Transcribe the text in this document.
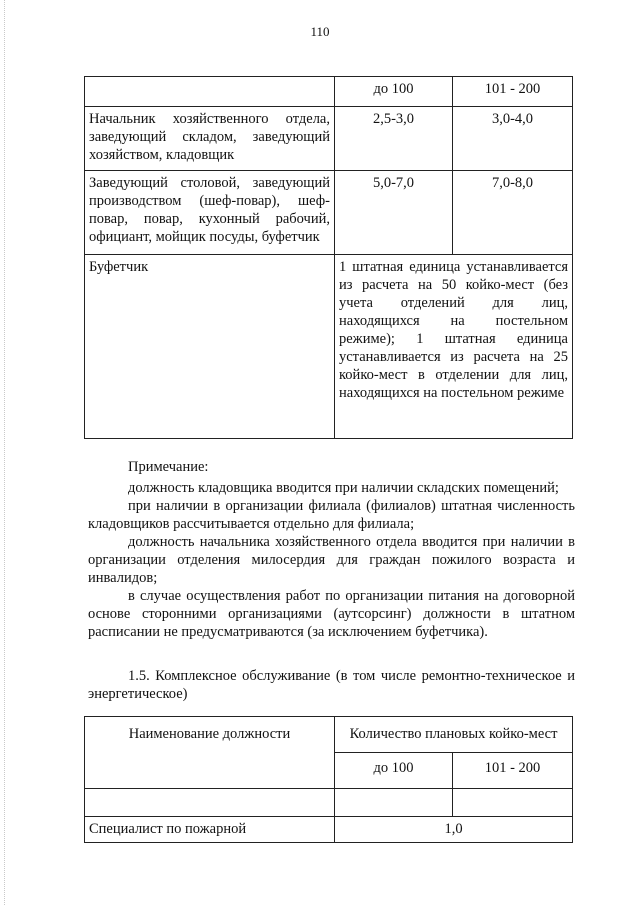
110
	до 100	101 - 200
Начальник хозяйственного отдела, заведующий складом, заведующий хозяйством, кладовщик	2,5-3,0	3,0-4,0
Заведующий столовой, заведующий производством (шеф-повар), шеф-повар, повар, кухонный рабочий, официант, мойщик посуды, буфетчик	5,0-7,0	7,0-8,0
Буфетчик	1 штатная единица устанавливается из расчета на 50 койко-мест (без учета отделений для лиц, находящихся на постельном режиме); 1 штатная единица устанавливается из расчета на 25 койко-мест в отделении для лиц, находящихся на постельном режиме	

Примечание:

должность кладовщика вводится при наличии складских помещений;

при наличии в организации филиала (филиалов) штатная численность кладовщиков рассчитывается отдельно для филиала;

должность начальника хозяйственного отдела вводится при наличии в организации отделения милосердия для граждан пожилого возраста и инвалидов;

в случае осуществления работ по организации питания на договорной основе сторонними организациями (аутсорсинг) должности в штатном расписании не предусматриваются (за исключением буфетчика).

1.5. Комплексное обслуживание (в том числе ремонтно-техническое и энергетическое)

Наименование должности	Количество плановых койко-мест	
	до 100	101 - 200

Специалист по пожарной	1,0	
